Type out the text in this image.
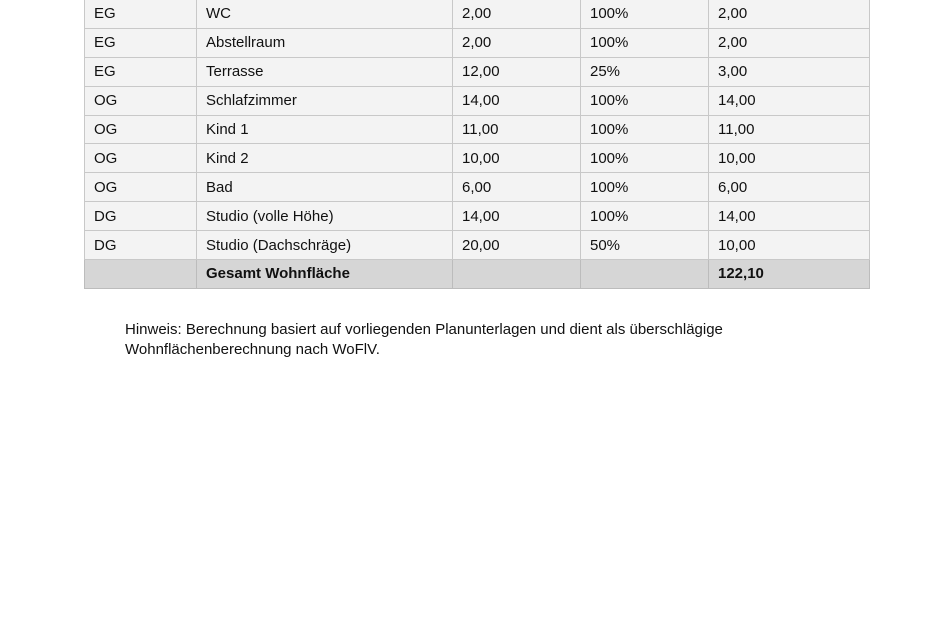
EG	WC	2,00	100%	2,00
EG	Abstellraum	2,00	100%	2,00
EG	Terrasse	12,00	25%	3,00
OG	Schlafzimmer	14,00	100%	14,00
OG	Kind 1	11,00	100%	11,00
OG	Kind 2	10,00	100%	10,00
OG	Bad	6,00	100%	6,00
DG	Studio (volle Höhe)	14,00	100%	14,00
DG	Studio (Dachschräge)	20,00	50%	10,00
	Gesamt Wohnfläche			122,10

Hinweis: Berechnung basiert auf vorliegenden Planunterlagen und dient als überschlägige
Wohnflächenberechnung nach WoFlV.
